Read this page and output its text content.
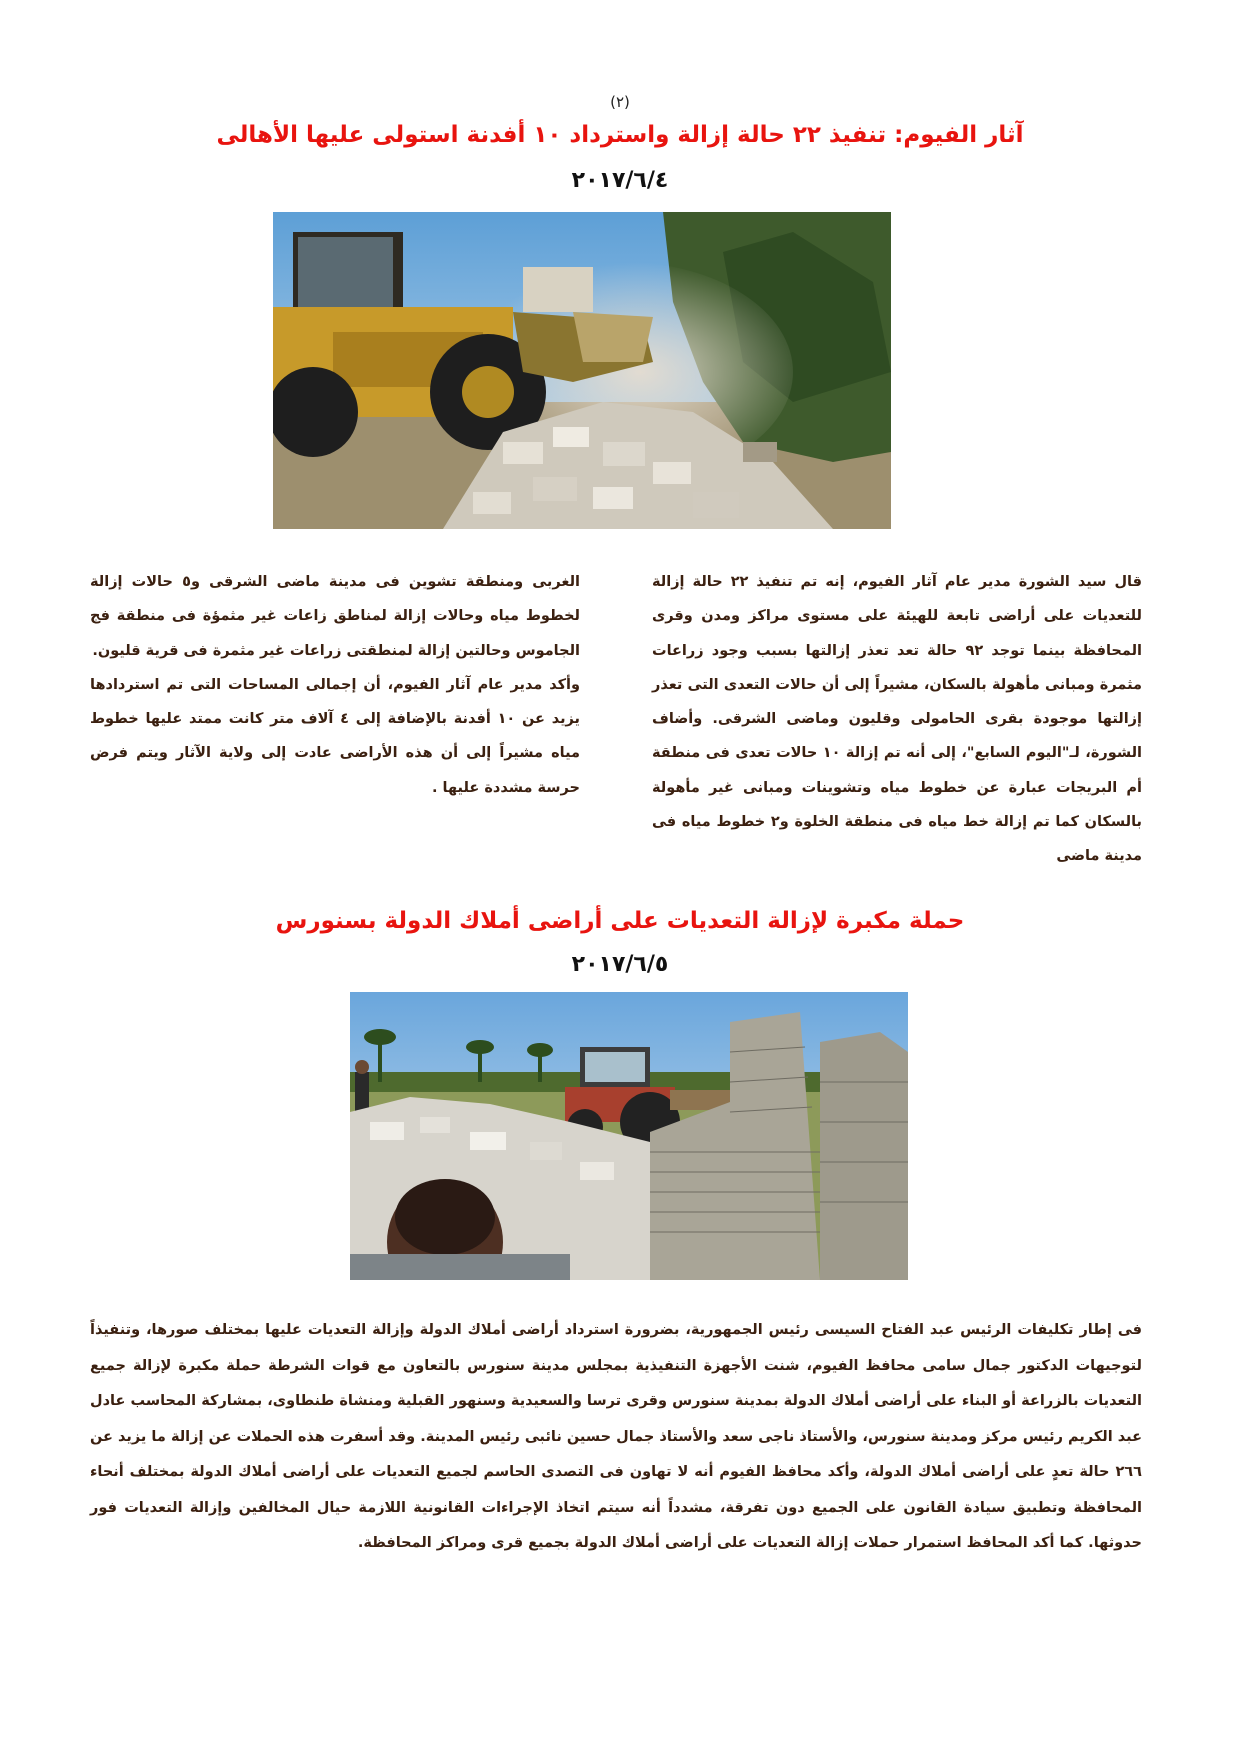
(٢)
آثار الفيوم: تنفيذ ٢٢ حالة إزالة واسترداد ١٠ أفدنة استولى عليها الأهالى
٢٠١٧/٦/٤

قال سيد الشورة مدير عام آثار الفيوم، إنه تم تنفيذ ٢٢ حالة إزالة للتعديات على أراضى تابعة للهيئة على مستوى مراكز ومدن وقرى المحافظة بينما توجد ٩٢ حالة تعد تعذر إزالتها بسبب وجود زراعات مثمرة ومبانى مأهولة بالسكان، مشيراً إلى أن حالات التعدى التى تعذر إزالتها موجودة بقرى الحامولى وقليون وماضى الشرقى. وأضاف الشورة، لـ"اليوم السابع"، إلى أنه تم إزالة ١٠ حالات تعدى فى منطقة أم البريجات عبارة عن خطوط مياه وتشوينات ومبانى غير مأهولة بالسكان كما تم إزالة خط مياه فى منطقة الخلوة و٢ خطوط مياه فى مدينة ماضى

الغربى ومنطقة تشوين فى مدينة ماضى الشرقى و٥ حالات إزالة لخطوط مياه وحالات إزالة لمناطق زاعات غير مثمؤة فى منطقة فج الجاموس وحالتين إزالة لمنطقتى زراعات غير مثمرة فى قرية قليون.

وأكد مدير عام آثار الفيوم، أن إجمالى المساحات التى تم استردادها يزيد عن ١٠ أفدنة بالإضافة إلى ٤ آلاف متر كانت ممتد عليها خطوط مياه مشيراً إلى أن هذه الأراضى عادت إلى ولاية الآثار ويتم فرض حرسة مشددة عليها .

حملة مكبرة لإزالة التعديات على أراضى أملاك الدولة بسنورس
٢٠١٧/٦/٥

فى إطار تكليفات الرئيس عبد الفتاح السيسى رئيس الجمهورية، بضرورة استرداد أراضى أملاك الدولة وإزالة التعديات عليها بمختلف صورها، وتنفيذاً لتوجيهات الدكتور جمال سامى محافظ الفيوم، شنت الأجهزة التنفيذية بمجلس مدينة سنورس بالتعاون مع قوات الشرطة حملة مكبرة لإزالة جميع التعديات بالزراعة أو البناء على أراضى أملاك الدولة بمدينة سنورس وقرى ترسا والسعيدية وسنهور القبلية ومنشاة طنطاوى، بمشاركة المحاسب عادل عبد الكريم رئيس مركز ومدينة سنورس، والأستاذ ناجى سعد والأستاذ جمال حسين نائبى رئيس المدينة. وقد أسفرت هذه الحملات عن إزالة ما يزيد عن ٢٦٦ حالة تعدٍ على أراضى أملاك الدولة، وأكد محافظ الفيوم أنه لا تهاون فى التصدى الحاسم لجميع التعديات على أراضى أملاك الدولة بمختلف أنحاء المحافظة وتطبيق سيادة القانون على الجميع دون تفرقة، مشدداً أنه سيتم اتخاذ الإجراءات القانونية اللازمة حيال المخالفين وإزالة التعديات فور حدوثها. كما أكد المحافظ استمرار حملات إزالة التعديات على أراضى أملاك الدولة بجميع قرى ومراكز المحافظة.
